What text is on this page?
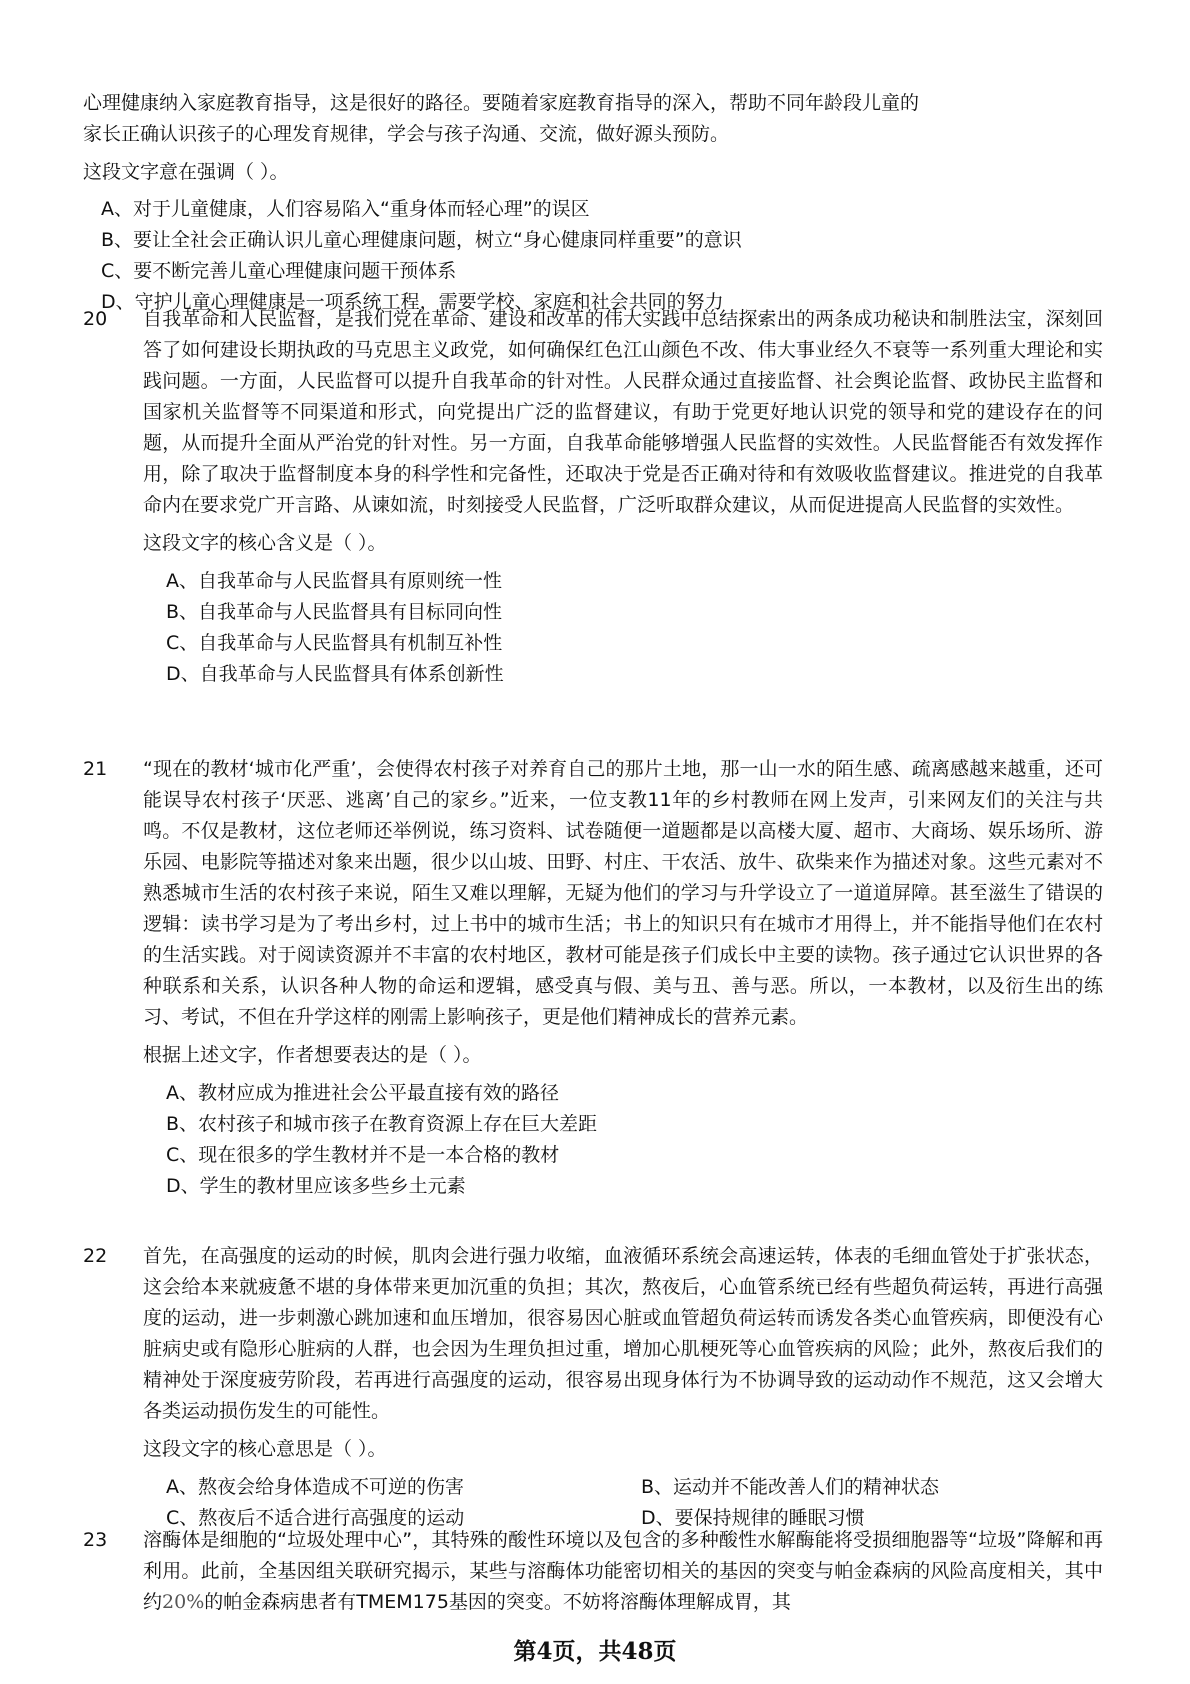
心理健康纳入家庭教育指导，这是很好的路径。要随着家庭教育指导的深入，帮助不同年龄段儿童的

家长正确认识孩子的心理发育规律，学会与孩子沟通、交流，做好源头预防。

这段文字意在强调（ ）。

A、对于儿童健康，人们容易陷入“重身体而轻心理”的误区

B、要让全社会正确认识儿童心理健康问题，树立“身心健康同样重要”的意识

C、要不断完善儿童心理健康问题干预体系

D、守护儿童心理健康是一项系统工程，需要学校、家庭和社会共同的努力

20 自我革命和人民监督，是我们党在革命、建设和改革的伟大实践中总结探索出的两条成功秘诀和制胜法宝，深刻回答了如何建设长期执政的马克思主义政党，如何确保红色江山颜色不改、伟大事业经久不衰等一系列重大理论和实践问题。一方面，人民监督可以提升自我革命的针对性。人民群众通过直接监督、社会舆论监督、政协民主监督和国家机关监督等不同渠道和形式，向党提出广泛的监督建议，有助于党更好地认识党的领导和党的建设存在的问题，从而提升全面从严治党的针对性。另一方面，自我革命能够增强人民监督的实效性。人民监督能否有效发挥作用，除了取决于监督制度本身的科学性和完备性，还取决于党是否正确对待和有效吸收监督建议。推进党的自我革命内在要求党广开言路、从谏如流，时刻接受人民监督，广泛听取群众建议，从而促进提高人民监督的实效性。

这段文字的核心含义是（ ）。

A、自我革命与人民监督具有原则统一性

B、自我革命与人民监督具有目标同向性

C、自我革命与人民监督具有机制互补性

D、自我革命与人民监督具有体系创新性

21 “现在的教材‘城市化严重’，会使得农村孩子对养育自己的那片土地，那一山一水的陌生感、疏离感越来越重，还可能误导农村孩子‘厌恶、逃离’自己的家乡。”近来，一位支教11年的乡村教师在网上发声，引来网友们的关注与共鸣。不仅是教材，这位老师还举例说，练习资料、试卷随便一道题都是以高楼大厦、超市、大商场、娱乐场所、游乐园、电影院等描述对象来出题，很少以山坡、田野、村庄、干农活、放牛、砍柴来作为描述对象。这些元素对不熟悉城市生活的农村孩子来说，陌生又难以理解，无疑为他们的学习与升学设立了一道道屏障。甚至滋生了错误的逻辑：读书学习是为了考出乡村，过上书中的城市生活；书上的知识只有在城市才用得上，并不能指导他们在农村的生活实践。对于阅读资源并不丰富的农村地区，教材可能是孩子们成长中主要的读物。孩子通过它认识世界的各种联系和关系，认识各种人物的命运和逻辑，感受真与假、美与丑、善与恶。所以，一本教材，以及衍生出的练习、考试，不但在升学这样的刚需上影响孩子，更是他们精神成长的营养元素。

根据上述文字，作者想要表达的是（ ）。

A、教材应成为推进社会公平最直接有效的路径

B、农村孩子和城市孩子在教育资源上存在巨大差距

C、现在很多的学生教材并不是一本合格的教材

D、学生的教材里应该多些乡土元素

22 首先，在高强度的运动的时候，肌肉会进行强力收缩，血液循环系统会高速运转，体表的毛细血管处于扩张状态，这会给本来就疲惫不堪的身体带来更加沉重的负担；其次，熬夜后，心血管系统已经有些超负荷运转，再进行高强度的运动，进一步刺激心跳加速和血压增加，很容易因心脏或血管超负荷运转而诱发各类心血管疾病，即便没有心脏病史或有隐形心脏病的人群，也会因为生理负担过重，增加心肌梗死等心血管疾病的风险；此外，熬夜后我们的精神处于深度疲劳阶段，若再进行高强度的运动，很容易出现身体行为不协调导致的运动动作不规范，这又会增大各类运动损伤发生的可能性。

这段文字的核心意思是（ ）。

A、熬夜会给身体造成不可逆的伤害	B、运动并不能改善人们的精神状态

C、熬夜后不适合进行高强度的运动	D、要保持规律的睡眠习惯

23 溶酶体是细胞的“垃圾处理中心”，其特殊的酸性环境以及包含的多种酸性水解酶能将受损细胞器等“垃圾”降解和再利用。此前，全基因组关联研究揭示，某些与溶酶体功能密切相关的基因的突变与帕金森病的风险高度相关，其中约20%的帕金森病患者有TMEM175基因的突变。不妨将溶酶体理解成胃，其

第4页，共48页
